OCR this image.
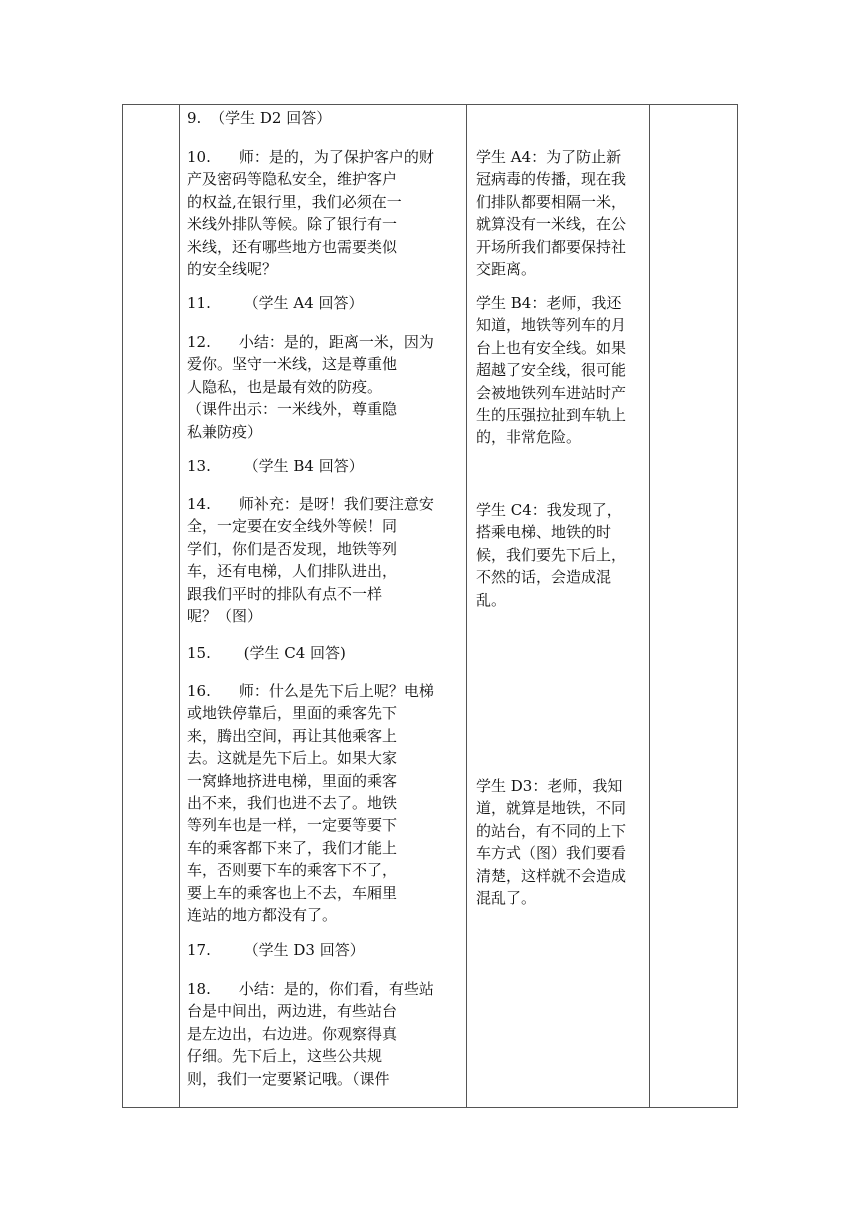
9. （学生 D2 回答）
10. 师：是的，为了保护客户的财
产及密码等隐私安全，维护客户
的权益,在银行里，我们必须在一
米线外排队等候。除了银行有一
米线，还有哪些地方也需要类似
的安全线呢？
11. （学生 A4 回答）
12. 小结：是的，距离一米，因为
爱你。坚守一米线，这是尊重他
人隐私，也是最有效的防疫。
（课件出示：一米线外，尊重隐
私兼防疫）
13. （学生 B4 回答）
14. 师补充：是呀！我们要注意安
全，一定要在安全线外等候！同
学们，你们是否发现，地铁等列
车，还有电梯，人们排队进出，
跟我们平时的排队有点不一样
呢？（图）
15. (学生 C4 回答)
16. 师：什么是先下后上呢？电梯
或地铁停靠后，里面的乘客先下
来，腾出空间，再让其他乘客上
去。这就是先下后上。如果大家
一窝蜂地挤进电梯，里面的乘客
出不来，我们也进不去了。地铁
等列车也是一样，一定要等要下
车的乘客都下来了，我们才能上
车，否则要下车的乘客下不了，
要上车的乘客也上不去，车厢里
连站的地方都没有了。
17. （学生 D3 回答）
18. 小结：是的，你们看，有些站
台是中间出，两边进，有些站台
是左边出，右边进。你观察得真
仔细。先下后上，这些公共规
则，我们一定要紧记哦。（课件
学生 A4：为了防止新
冠病毒的传播，现在我
们排队都要相隔一米，
就算没有一米线，在公
开场所我们都要保持社
交距离。
学生 B4：老师，我还
知道，地铁等列车的月
台上也有安全线。如果
超越了安全线，很可能
会被地铁列车进站时产
生的压强拉扯到车轨上
的，非常危险。
学生 C4：我发现了，
搭乘电梯、地铁的时
候，我们要先下后上，
不然的话，会造成混
乱。
学生 D3：老师，我知
道，就算是地铁，不同
的站台，有不同的上下
车方式（图）我们要看
清楚，这样就不会造成
混乱了。
